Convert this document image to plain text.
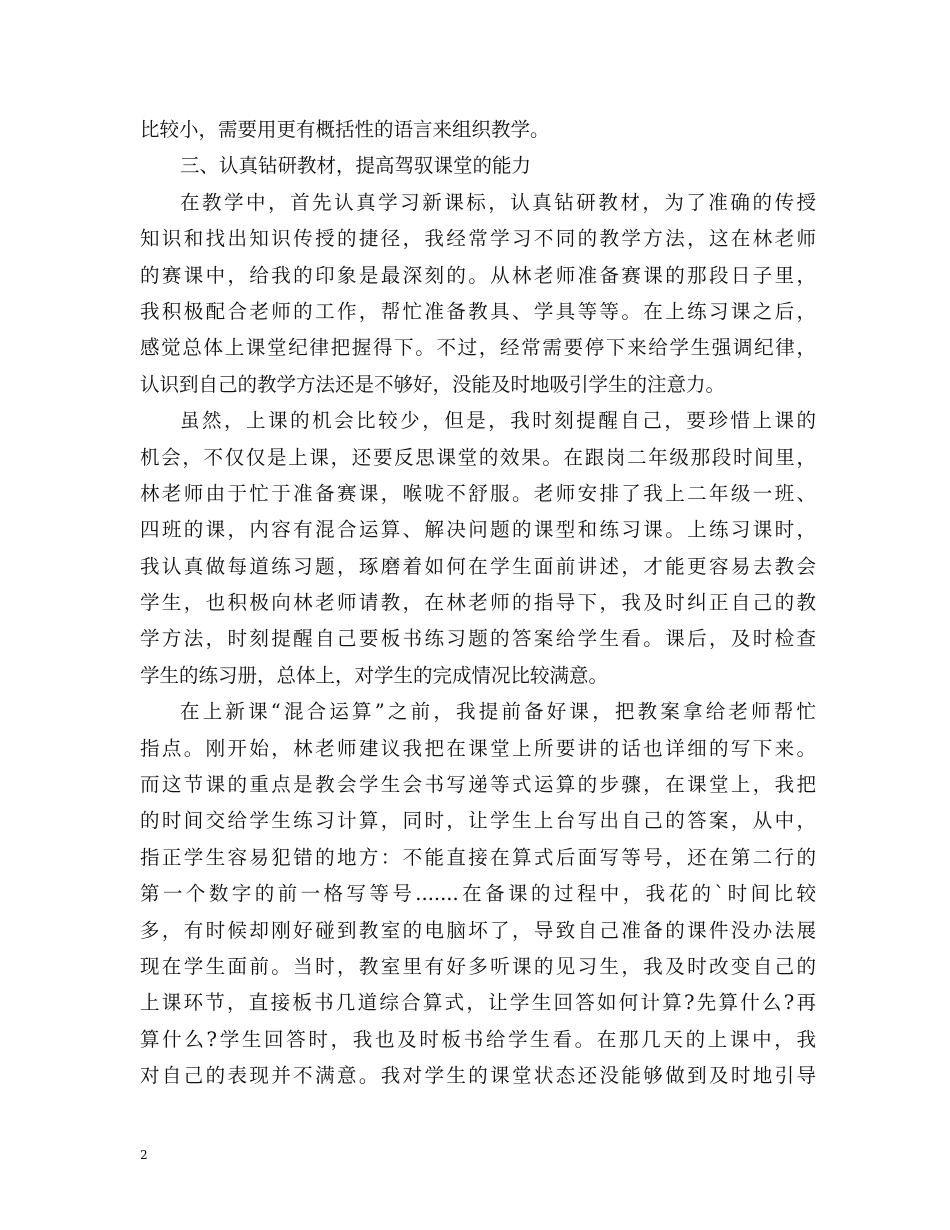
比较小，需要用更有概括性的语言来组织教学。
三、认真钻研教材，提高驾驭课堂的能力
在教学中，首先认真学习新课标，认真钻研教材，为了准确的传授
知识和找出知识传授的捷径，我经常学习不同的教学方法，这在林老师
的赛课中，给我的印象是最深刻的。从林老师准备赛课的那段日子里，
我积极配合老师的工作，帮忙准备教具、学具等等。在上练习课之后，
感觉总体上课堂纪律把握得下。不过，经常需要停下来给学生强调纪律，
认识到自己的教学方法还是不够好，没能及时地吸引学生的注意力。
虽然，上课的机会比较少，但是，我时刻提醒自己，要珍惜上课的
机会，不仅仅是上课，还要反思课堂的效果。在跟岗二年级那段时间里，
林老师由于忙于准备赛课，喉咙不舒服。老师安排了我上二年级一班、
四班的课，内容有混合运算、解决问题的课型和练习课。上练习课时，
我认真做每道练习题，琢磨着如何在学生面前讲述，才能更容易去教会
学生，也积极向林老师请教，在林老师的指导下，我及时纠正自己的教
学方法，时刻提醒自己要板书练习题的答案给学生看。课后，及时检查
学生的练习册，总体上，对学生的完成情况比较满意。
在上新课“混合运算”之前，我提前备好课，把教案拿给老师帮忙
指点。刚开始，林老师建议我把在课堂上所要讲的话也详细的写下来。
而这节课的重点是教会学生会书写递等式运算的步骤，在课堂上，我把
的时间交给学生练习计算，同时，让学生上台写出自己的答案，从中，
指正学生容易犯错的地方：不能直接在算式后面写等号，还在第二行的
第一个数字的前一格写等号.......在备课的过程中，我花的`时间比较
多，有时候却刚好碰到教室的电脑坏了，导致自己准备的课件没办法展
现在学生面前。当时，教室里有好多听课的见习生，我及时改变自己的
上课环节，直接板书几道综合算式，让学生回答如何计算?先算什么?再
算什么?学生回答时，我也及时板书给学生看。在那几天的上课中，我
对自己的表现并不满意。我对学生的课堂状态还没能够做到及时地引导
2
